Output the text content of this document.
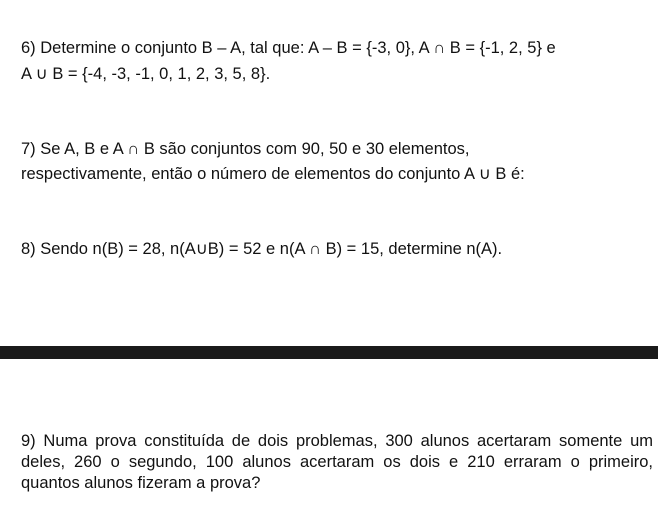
6) Determine o conjunto B – A, tal que: A – B = {-3, 0}, A ∩ B = {-1, 2, 5} e
A ∪ B = {-4, -3, -1, 0, 1, 2, 3, 5, 8}.
7) Se A, B e A ∩ B são conjuntos com 90, 50 e 30 elementos,
respectivamente, então o número de elementos do conjunto A ∪ B é:
8) Sendo n(B) = 28, n(A∪B) = 52 e n(A ∩ B) = 15, determine n(A).
9) Numa prova constituída de dois problemas, 300 alunos acertaram somente um deles, 260 o segundo, 100 alunos acertaram os dois e 210 erraram o primeiro, quantos alunos fizeram a prova?
